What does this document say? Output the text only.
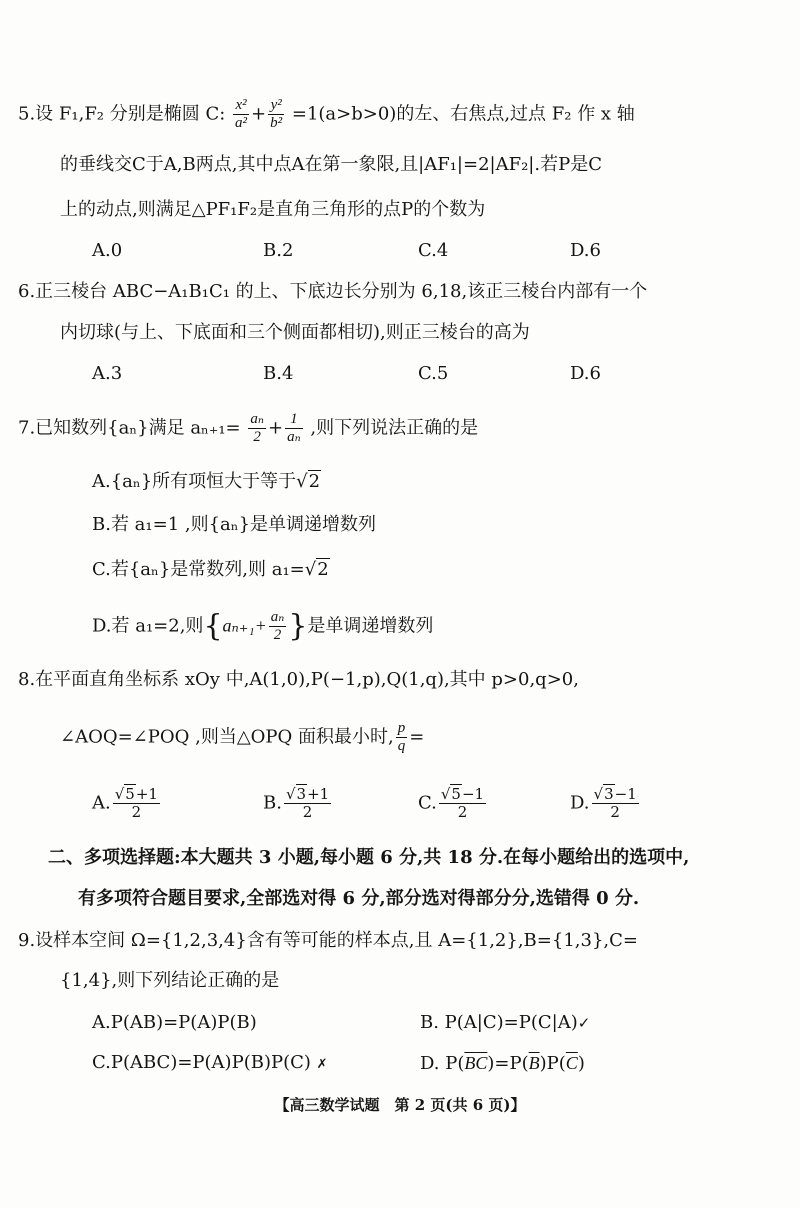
5.设 F₁,F₂ 分别是椭圆 C: $\frac{\text{x²}}{\text{a²}} + \frac{\text{y²}}{\text{b²}} =1(a>b>0)$的左、右焦点,过点 F₂ 作 x 轴
的垂线交C于A,B两点,其中点A在第一象限,且|AF₁|=2|AF₂|.若P是C
上的动点,则满足△PF₁F₂是直角三角形的点P的个数为
A.0	B.2	C.4	D.6
6.正三棱台 ABC−A₁B₁C₁ 的上、下底边长分别为 6,18,该正三棱台内部有一个
内切球(与上、下底面和三个侧面都相切),则正三棱台的高为
A.3	B.4	C.5	D.6
7.已知数列{aₙ}满足 $a_{n+1}= \frac{\text{aₙ}}{2} + \frac{1}{\text{aₙ}}$ ,则下列说法正确的是
A.{aₙ}所有项恒大于等于√2
B.若 a₁=1 ,则{aₙ}是单调递增数列
C.若{aₙ}是常数列,则 a₁=√2
D.若 a₁=2,则{$a_{n+1}+ \frac{\text{aₙ}}{2}$ }是单调递增数列
8.在平面直角坐标系 xOy 中,A(1,0),P(−1,p),Q(1,q),其中 p>0,q>0,
∠AOQ=∠POQ ,则当△OPQ 面积最小时, $\frac{p}{q}$ =
A. $\frac{√5+1}{2}$	B. $\frac{√3+1}{2}$	C. $\frac{√5-1}{2}$	D. $\frac{√3-1}{2}$
二、多项选择题:本大题共 3 小题,每小题 6 分,共 18 分.在每小题给出的选项中,
有多项符合题目要求,全部选对得 6 分,部分选对得部分分,选错得 0 分.
9.设样本空间 Ω={1,2,3,4}含有等可能的样本点,且 A={1,2},B={1,3},C=
{1,4},则下列结论正确的是
A.P(AB)=P(A)P(B)	B. P(A|C)=P(C|A)✓
C.P(ABC)=P(A)P(B)P(C) ✗	D. $P(\overline{B}\overline{C})=P(\overline{B})P(\overline{C})$
【高三数学试题　第 2 页(共 6 页)】
